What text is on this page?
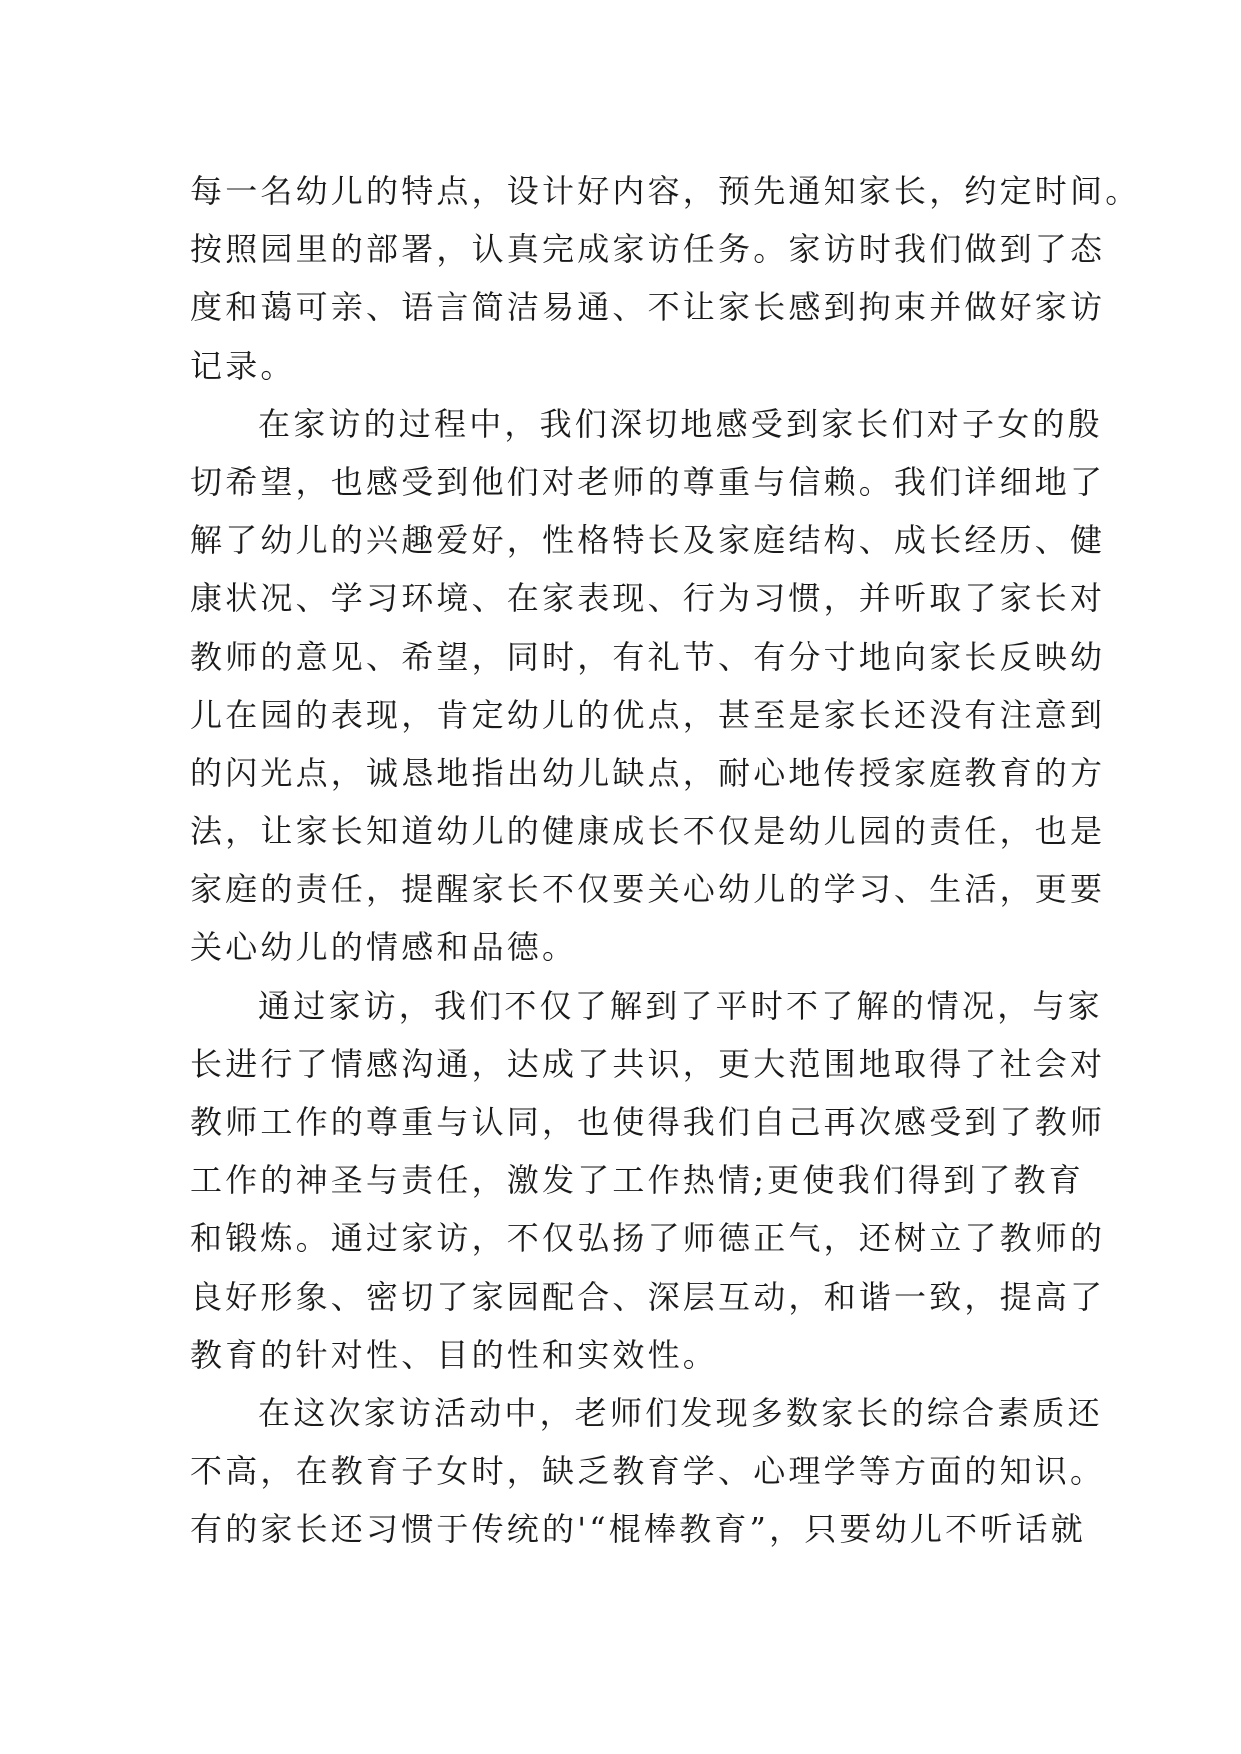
每一名幼儿的特点，设计好内容，预先通知家长，约定时间。
按照园里的部署，认真完成家访任务。家访时我们做到了态
度和蔼可亲、语言简洁易通、不让家长感到拘束并做好家访
记录。
在家访的过程中，我们深切地感受到家长们对子女的殷
切希望，也感受到他们对老师的尊重与信赖。我们详细地了
解了幼儿的兴趣爱好，性格特长及家庭结构、成长经历、健
康状况、学习环境、在家表现、行为习惯，并听取了家长对
教师的意见、希望，同时，有礼节、有分寸地向家长反映幼
儿在园的表现，肯定幼儿的优点，甚至是家长还没有注意到
的闪光点，诚恳地指出幼儿缺点，耐心地传授家庭教育的方
法，让家长知道幼儿的健康成长不仅是幼儿园的责任，也是
家庭的责任，提醒家长不仅要关心幼儿的学习、生活，更要
关心幼儿的情感和品德。
通过家访，我们不仅了解到了平时不了解的情况，与家
长进行了情感沟通，达成了共识，更大范围地取得了社会对
教师工作的尊重与认同，也使得我们自己再次感受到了教师
工作的神圣与责任，激发了工作热情;更使我们得到了教育
和锻炼。通过家访，不仅弘扬了师德正气，还树立了教师的
良好形象、密切了家园配合、深层互动，和谐一致，提高了
教育的针对性、目的性和实效性。
在这次家访活动中，老师们发现多数家长的综合素质还
不高，在教育子女时，缺乏教育学、心理学等方面的知识。
有的家长还习惯于传统的'“棍棒教育”，只要幼儿不听话就
